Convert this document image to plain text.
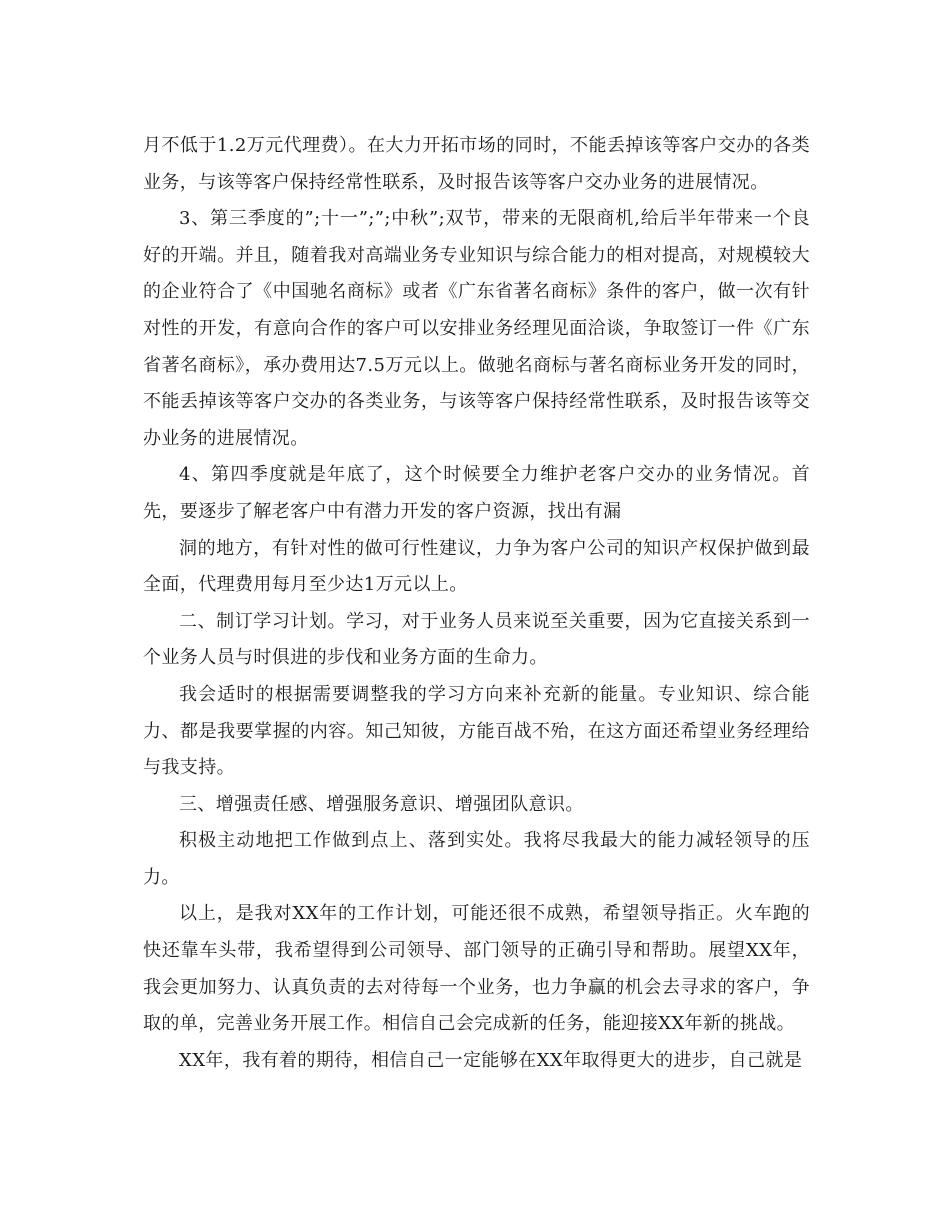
月不低于1.2万元代理费）。在大力开拓市场的同时，不能丢掉该等客户交办的各类业务，与该等客户保持经常性联系，及时报告该等客户交办业务的进展情况。

3、第三季度的”;十一”;”;中秋”;双节，带来的无限商机,给后半年带来一个良好的开端。并且，随着我对高端业务专业知识与综合能力的相对提高，对规模较大的企业符合了《中国驰名商标》或者《广东省著名商标》条件的客户，做一次有针对性的开发，有意向合作的客户可以安排业务经理见面洽谈，争取签订一件《广东省著名商标》，承办费用达7.5万元以上。做驰名商标与著名商标业务开发的同时，不能丢掉该等客户交办的各类业务，与该等客户保持经常性联系，及时报告该等交办业务的进展情况。

4、第四季度就是年底了，这个时候要全力维护老客户交办的业务情况。首先，要逐步了解老客户中有潜力开发的客户资源，找出有漏

洞的地方，有针对性的做可行性建议，力争为客户公司的知识产权保护做到最全面，代理费用每月至少达1万元以上。

二、制订学习计划。学习，对于业务人员来说至关重要，因为它直接关系到一个业务人员与时俱进的步伐和业务方面的生命力。

我会适时的根据需要调整我的学习方向来补充新的能量。专业知识、综合能力、都是我要掌握的内容。知己知彼，方能百战不殆，在这方面还希望业务经理给与我支持。

三、增强责任感、增强服务意识、增强团队意识。

积极主动地把工作做到点上、落到实处。我将尽我最大的能力减轻领导的压力。

以上，是我对XX年的工作计划，可能还很不成熟，希望领导指正。火车跑的快还靠车头带，我希望得到公司领导、部门领导的正确引导和帮助。展望XX年，我会更加努力、认真负责的去对待每一个业务，也力争赢的机会去寻求的客户，争取的单，完善业务开展工作。相信自己会完成新的任务，能迎接XX年新的挑战。

XX年，我有着的期待，相信自己一定能够在XX年取得更大的进步，自己就是
